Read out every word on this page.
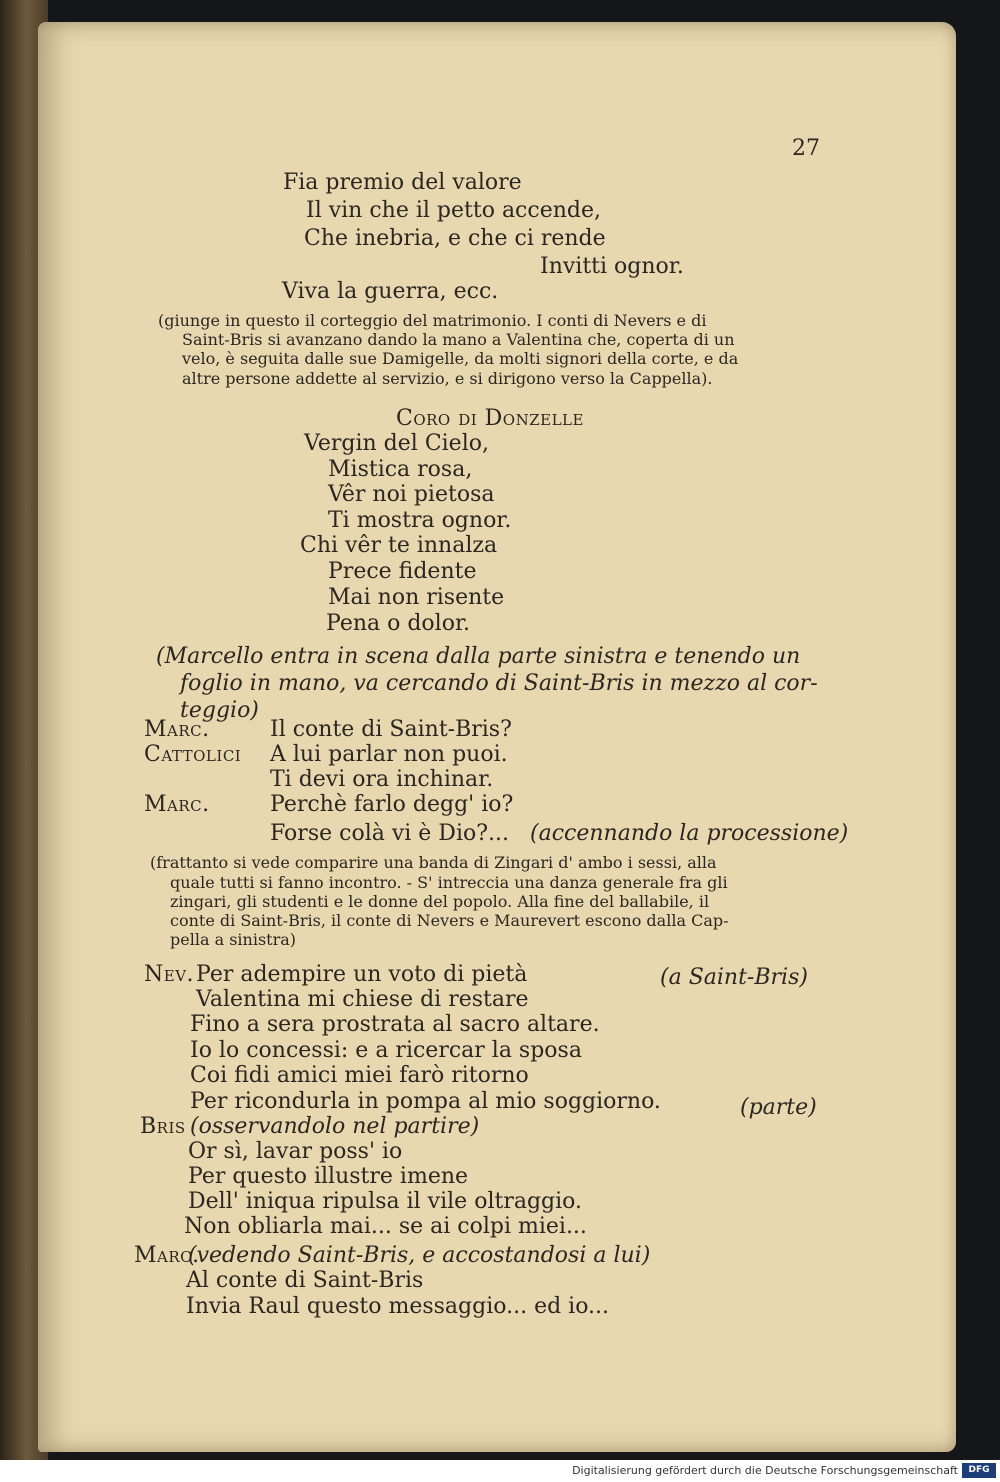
27
Fia premio del valore
Il vin che il petto accende,
Che inebria, e che ci rende
Invitti ognor.
Viva la guerra, ecc.
(giunge in questo il corteggio del matrimonio. I conti di Nevers e di
Saint-Bris si avanzano dando la mano a Valentina che, coperta di un
velo, è seguita dalle sue Damigelle, da molti signori della corte, e da
altre persone addette al servizio, e si dirigono verso la Cappella).
Coro di Donzelle
Vergin del Cielo,
Mistica rosa,
Vêr noi pietosa
Ti mostra ognor.
Chi vêr te innalza
Prece fidente
Mai non risente
Pena o dolor.
(Marcello entra in scena dalla parte sinistra e tenendo un
foglio in mano, va cercando di Saint-Bris in mezzo al cor-
teggio)
Marc.	Il conte di Saint-Bris?
Cattolici A lui parlar non puoi.
Ti devi ora inchinar.
Marc.	Perchè farlo degg' io?
Forse colà vi è Dio?... (accennando la processione)
(frattanto si vede comparire una banda di Zingari d' ambo i sessi, alla
quale tutti si fanno incontro. - S' intreccia una danza generale fra gli
zingari, gli studenti e le donne del popolo. Alla fine del ballabile, il
conte di Saint-Bris, il conte di Nevers e Maurevert escono dalla Cap-
pella a sinistra)
Nev. Per adempire un voto di pietà	(a Saint-Bris)
Valentina mi chiese di restare
Fino a sera prostrata al sacro altare.
Io lo concessi: e a ricercar la sposa
Coi fidi amici miei farò ritorno
Per ricondurla in pompa al mio soggiorno.	(parte)
Bris (osservandolo nel partire)
Or sì, lavar poss' io
Per questo illustre imene
Dell' iniqua ripulsa il vile oltraggio.
Non obliarla mai... se ai colpi miei...
Marc.
(vedendo Saint-Bris, e accostandosi a lui)
Al conte di Saint-Bris
Invia Raul questo messaggio... ed io...
Digitalisierung gefördert durch die Deutsche Forschungsgemeinschaft	DFG
